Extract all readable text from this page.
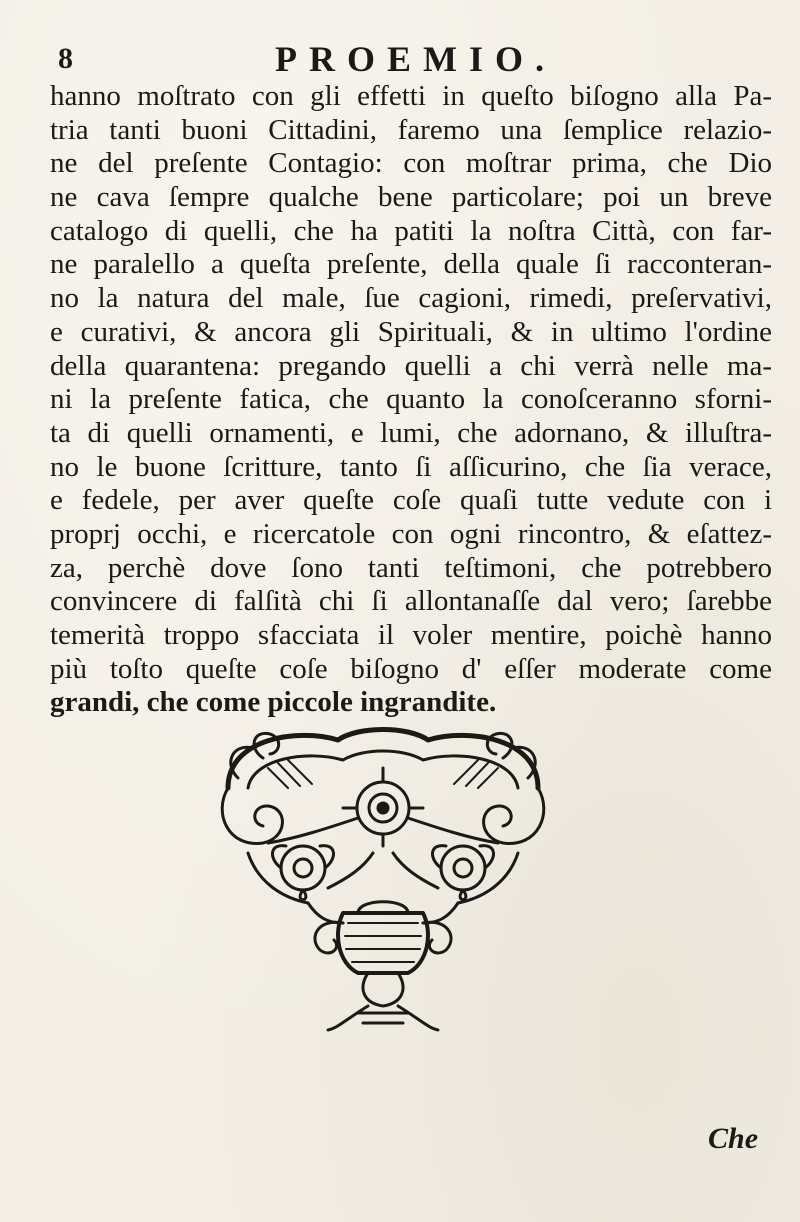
8	PROEMIO.
hanno moſtrato con gli effetti in queſto biſogno alla Pa-
tria tanti buoni Cittadini, faremo una ſemplice relazio-
ne del preſente Contagio: con moſtrar prima, che Dio
ne cava ſempre qualche bene particolare; poi un breve
catalogo di quelli, che ha patiti la noſtra Città, con far-
ne paralello a queſta preſente, della quale ſi racconteran-
no la natura del male, ſue cagioni, rimedi, preſervativi,
e curativi, & ancora gli Spirituali, & in ultimo l'ordine
della quarantena: pregando quelli a chi verrà nelle ma-
ni la preſente fatica, che quanto la conoſceranno sforni-
ta di quelli ornamenti, e lumi, che adornano, & illuſtra-
no le buone ſcritture, tanto ſi aſſicurino, che ſia verace,
e fedele, per aver queſte coſe quaſi tutte vedute con i
proprj occhi, e ricercatole con ogni rincontro, & eſattez-
za, perchè dove ſono tanti teſtimoni, che potrebbero
convincere di falſità chi ſi allontanaſſe dal vero; ſarebbe
temerità troppo sfacciata il voler mentire, poichè hanno
più toſto queſte coſe biſogno d' eſſer moderate come
grandi, che come piccole ingrandite.
Che
